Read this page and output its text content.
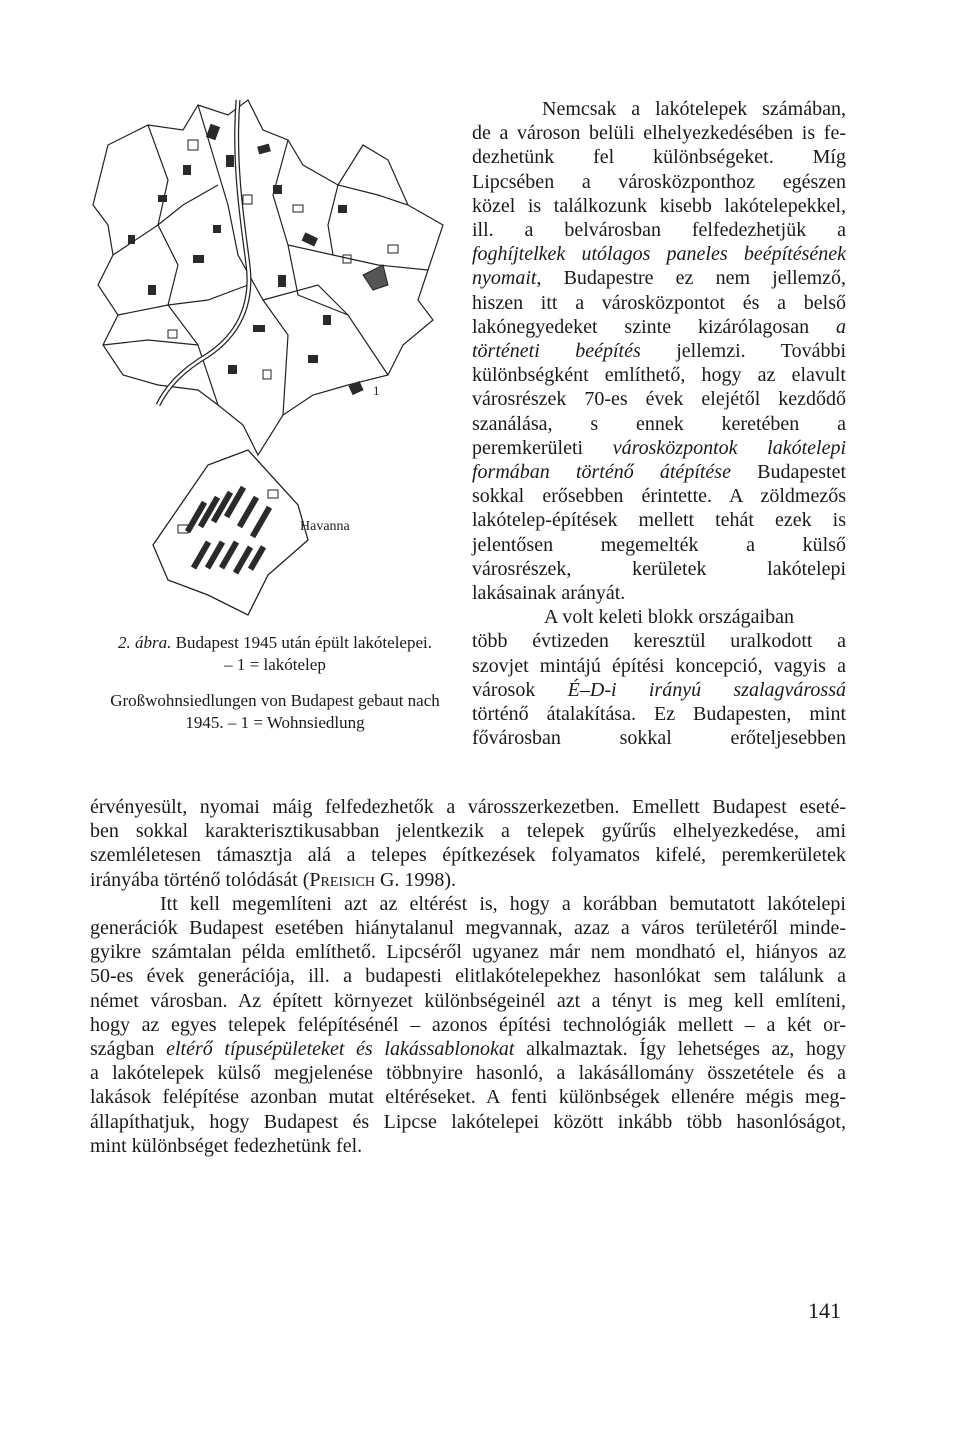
1
Havanna
2. ábra. Budapest 1945 után épült lakótelepei.
– 1 = lakótelep
Großwohnsiedlungen von Budapest gebaut nach
1945. – 1 = Wohnsiedlung
Nemcsak a lakótelepek számában,
de a városon belüli elhelyezkedésében is fe-
dezhetünk fel különbségeket. Míg
Lipcsében a városközponthoz egészen
közel is találkozunk kisebb lakótelepekkel,
ill. a belvárosban felfedezhetjük a
foghíjtelkek utólagos paneles beépítésének
nyomait, Budapestre ez nem jellemző,
hiszen itt a városközpontot és a belső
lakónegyedeket szinte kizárólagosan a
történeti beépítés jellemzi. További
különbségként említhető, hogy az elavult
városrészek 70-es évek elejétől kezdődő
szanálása, s ennek keretében a
peremkerületi városközpontok lakótelepi
formában történő átépítése Budapestet
sokkal erősebben érintette. A zöldmezős
lakótelep-építések mellett tehát ezek is
jelentősen megemelték a külső
városrészek, kerületek lakótelepi
lakásainak arányát.
A volt keleti blokk országaiban
több évtizeden keresztül uralkodott a
szovjet mintájú építési koncepció, vagyis a
városok É–D-i irányú szalagvárossá
történő átalakítása. Ez Budapesten, mint
fővárosban sokkal erőteljesebben
érvényesült, nyomai máig felfedezhetők a városszerkezetben. Emellett Budapest eseté-
ben sokkal karakterisztikusabban jelentkezik a telepek gyűrűs elhelyezkedése, ami
szemléletesen támasztja alá a telepes építkezések folyamatos kifelé, peremkerületek
irányába történő tolódását (Preisich G. 1998).
Itt kell megemlíteni azt az eltérést is, hogy a korábban bemutatott lakótelepi
generációk Budapest esetében hiánytalanul megvannak, azaz a város területéről minde-
gyikre számtalan példa említhető. Lipcséről ugyanez már nem mondható el, hiányos az
50-es évek generációja, ill. a budapesti elitlakótelepekhez hasonlókat sem találunk a
német városban. Az épített környezet különbségeinél azt a tényt is meg kell említeni,
hogy az egyes telepek felépítésénél – azonos építési technológiák mellett – a két or-
szágban eltérő típusépületeket és lakássablonokat alkalmaztak. Így lehetséges az, hogy
a lakótelepek külső megjelenése többnyire hasonló, a lakásállomány összetétele és a
lakások felépítése azonban mutat eltéréseket. A fenti különbségek ellenére mégis meg-
állapíthatjuk, hogy Budapest és Lipcse lakótelepei között inkább több hasonlóságot,
mint különbséget fedezhetünk fel.
141
